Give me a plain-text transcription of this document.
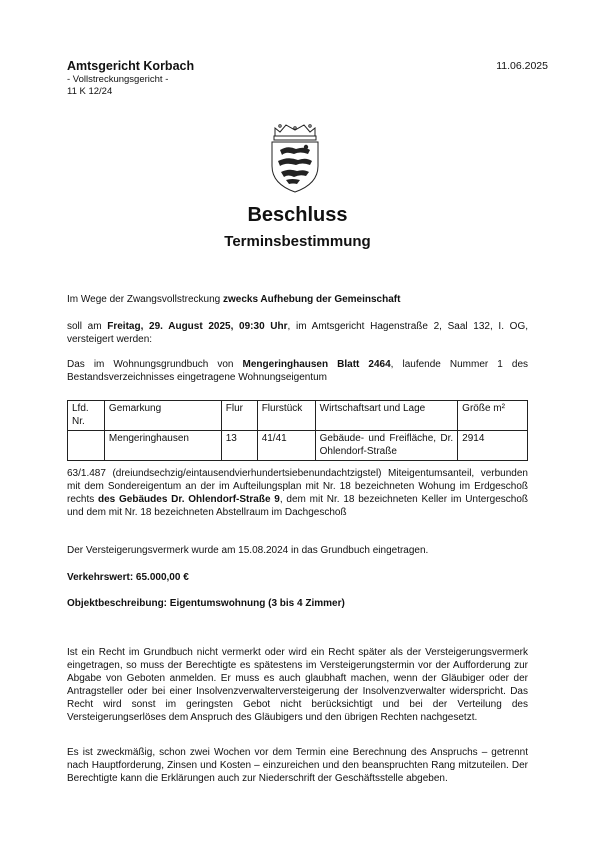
Amtsgericht Korbach
- Vollstreckungsgericht -
11 K 12/24
11.06.2025
Beschluss
Terminsbestimmung
Im Wege der Zwangsvollstreckung zwecks Aufhebung der Gemeinschaft
soll am Freitag, 29. August 2025, 09:30 Uhr, im Amtsgericht Hagenstraße 2, Saal 132, I. OG, versteigert werden:
Das im Wohnungsgrundbuch von Mengeringhausen Blatt 2464, laufende Nummer 1 des Bestandsverzeichnisses eingetragene Wohnungseigentum
Lfd. Nr.	Gemarkung	Flur	Flurstück	Wirtschaftsart und Lage	Größe m²
	Mengeringhausen	13	41/41	Gebäude- und Freifläche, Dr. Ohlendorf-Straße	2914
63/1.487 (dreiundsechzig/eintausendvierhundertsiebenundachtzigstel) Miteigentumsanteil, verbunden mit dem Sondereigentum an der im Aufteilungsplan mit Nr. 18 bezeichneten Wohung im Erdgeschoß rechts des Gebäudes Dr. Ohlendorf-Straße 9, dem mit Nr. 18 bezeichneten Keller im Untergeschoß und dem mit Nr. 18 bezeichneten Abstellraum im Dachgeschoß
Der Versteigerungsvermerk wurde am 15.08.2024 in das Grundbuch eingetragen.
Verkehrswert: 65.000,00 €
Objektbeschreibung: Eigentumswohnung (3 bis 4 Zimmer)
Ist ein Recht im Grundbuch nicht vermerkt oder wird ein Recht später als der Versteigerungsvermerk eingetragen, so muss der Berechtigte es spätestens im Versteigerungstermin vor der Aufforderung zur Abgabe von Geboten anmelden. Er muss es auch glaubhaft machen, wenn der Gläubiger oder der Antragsteller oder bei einer Insolvenzverwalterversteigerung der Insolvenzverwalter widerspricht. Das Recht wird sonst im geringsten Gebot nicht berücksichtigt und bei der Verteilung des Versteigerungserlöses dem Anspruch des Gläubigers und den übrigen Rechten nachgesetzt.
Es ist zweckmäßig, schon zwei Wochen vor dem Termin eine Berechnung des Anspruchs – getrennt nach Hauptforderung, Zinsen und Kosten – einzureichen und den beanspruchten Rang mitzuteilen. Der Berechtigte kann die Erklärungen auch zur Niederschrift der Geschäftsstelle abgeben.
